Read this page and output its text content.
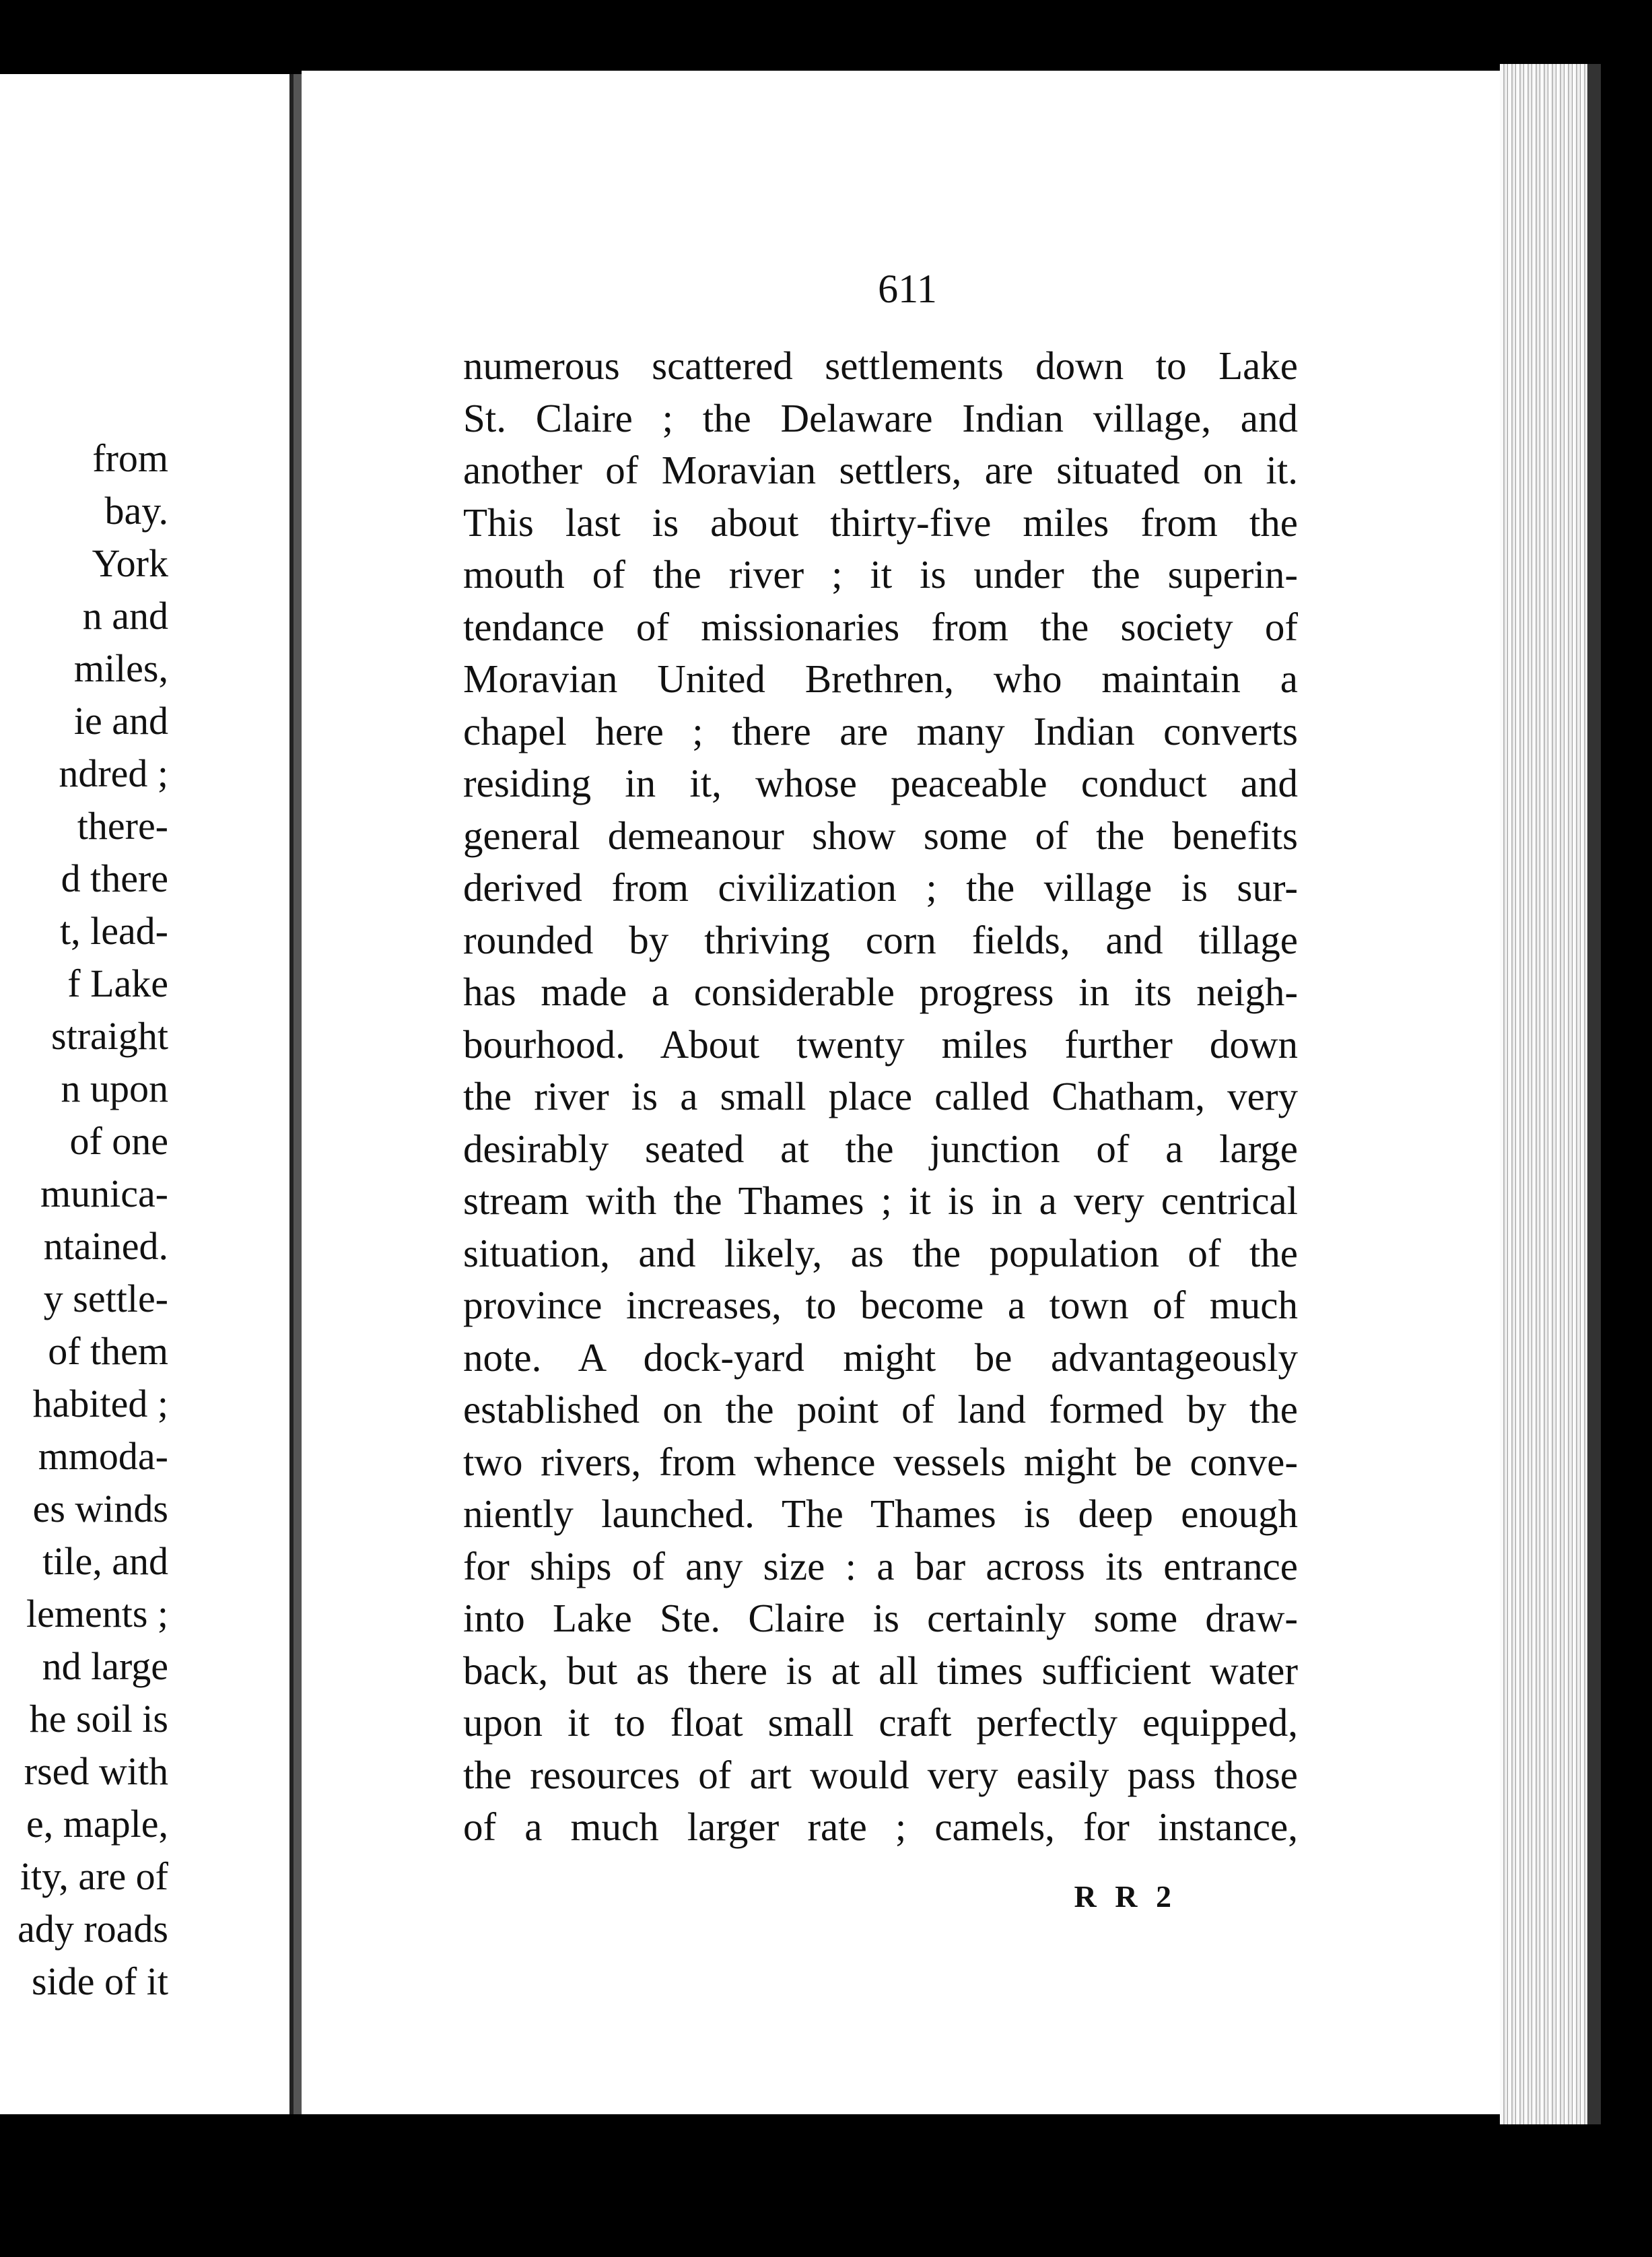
from
bay.
York
n and
miles,
ie and
ndred ;
there-
d there
t, lead-
f Lake
straight
n upon
of one
munica-
ntained.
y settle-
of them
habited ;
mmoda-
es winds
tile, and
lements ;
nd large
he soil is
rsed with
e, maple,
ity, are of
ady roads
side of it
611
numerous scattered settlements down to Lake
St. Claire ; the Delaware Indian village, and
another of Moravian settlers, are situated on it.
This last is about thirty-five miles from the
mouth of the river ; it is under the superin-
tendance of missionaries from the society of
Moravian United Brethren, who maintain a
chapel here ; there are many Indian converts
residing in it, whose peaceable conduct and
general demeanour show some of the benefits
derived from civilization ; the village is sur-
rounded by thriving corn fields, and tillage
has made a considerable progress in its neigh-
bourhood. About twenty miles further down
the river is a small place called Chatham, very
desirably seated at the junction of a large
stream with the Thames ; it is in a very centrical
situation, and likely, as the population of the
province increases, to become a town of much
note. A dock-yard might be advantageously
established on the point of land formed by the
two rivers, from whence vessels might be conve-
niently launched. The Thames is deep enough
for ships of any size : a bar across its entrance
into Lake Ste. Claire is certainly some draw-
back, but as there is at all times sufficient water
upon it to float small craft perfectly equipped,
the resources of art would very easily pass those
of a much larger rate ; camels, for instance,
R R 2
